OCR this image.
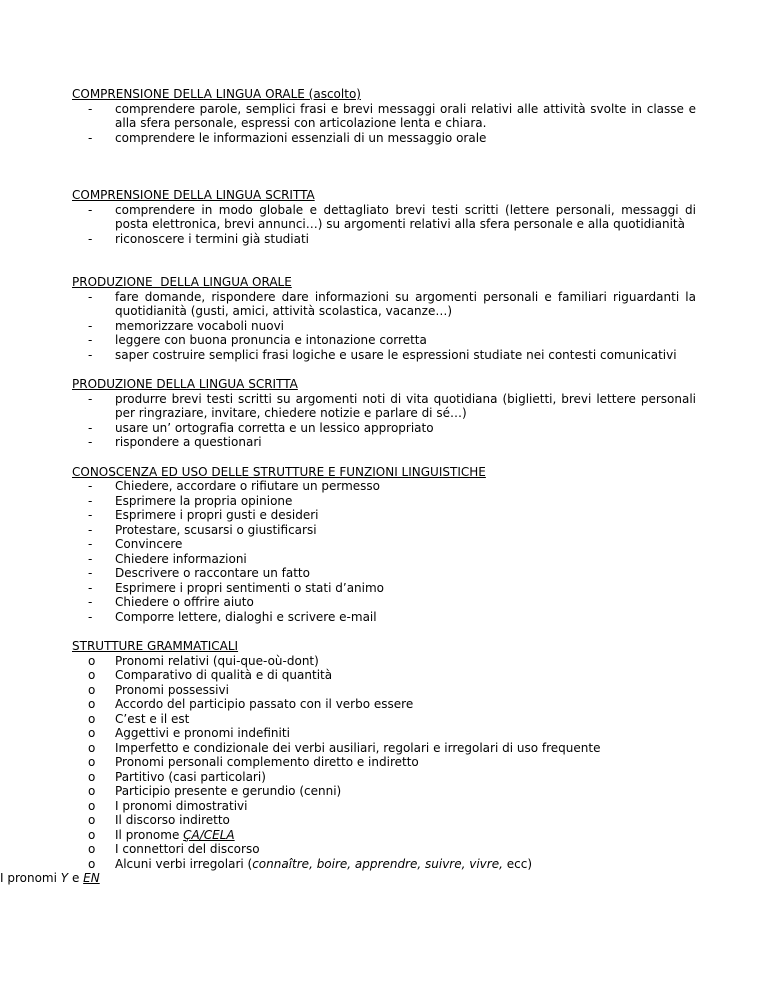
COMPRENSIONE DELLA LINGUA ORALE (ascolto)

- comprendere parole, semplici frasi e brevi messaggi orali relativi alle attività svolte in classe e alla sfera personale, espressi con articolazione lenta e chiara.
- comprendere le informazioni essenziali di un messaggio orale

COMPRENSIONE DELLA LINGUA SCRITTA

- comprendere in modo globale e dettagliato brevi testi scritti (lettere personali, messaggi di posta elettronica, brevi annunci…) su argomenti relativi alla sfera personale e alla quotidianità
- riconoscere i termini già studiati

PRODUZIONE  DELLA LINGUA ORALE

- fare domande, rispondere dare informazioni su argomenti personali e familiari riguardanti la quotidianità (gusti, amici, attività scolastica, vacanze…)
- memorizzare vocaboli nuovi
- leggere con buona pronuncia e intonazione corretta
- saper costruire semplici frasi logiche e usare le espressioni studiate nei contesti comunicativi

PRODUZIONE DELLA LINGUA SCRITTA

- produrre brevi testi scritti su argomenti noti di vita quotidiana (biglietti, brevi lettere personali per ringraziare, invitare, chiedere notizie e parlare di sé…)
- usare un’ ortografia corretta e un lessico appropriato
- rispondere a questionari

CONOSCENZA ED USO DELLE STRUTTURE E FUNZIONI LINGUISTICHE

- Chiedere, accordare o rifiutare un permesso
- Esprimere la propria opinione
- Esprimere i propri gusti e desideri
- Protestare, scusarsi o giustificarsi
- Convincere
- Chiedere informazioni
- Descrivere o raccontare un fatto
- Esprimere i propri sentimenti o stati d’animo
- Chiedere o offrire aiuto
- Comporre lettere, dialoghi e scrivere e-mail

STRUTTURE GRAMMATICALI

o Pronomi relativi (qui-que-où-dont)
o Comparativo di qualità e di quantità
o Pronomi possessivi
o Accordo del participio passato con il verbo essere
o C’est e il est
o Aggettivi e pronomi indefiniti
o Imperfetto e condizionale dei verbi ausiliari, regolari e irregolari di uso frequente
o Pronomi personali complemento diretto e indiretto
o Partitivo (casi particolari)
o Participio presente e gerundio (cenni)
o I pronomi dimostrativi
o Il discorso indiretto
o Il pronome ÇA/CELA
o I connettori del discorso
o Alcuni verbi irregolari (connaître, boire, apprendre, suivre, vivre, ecc)

I pronomi Y e EN
